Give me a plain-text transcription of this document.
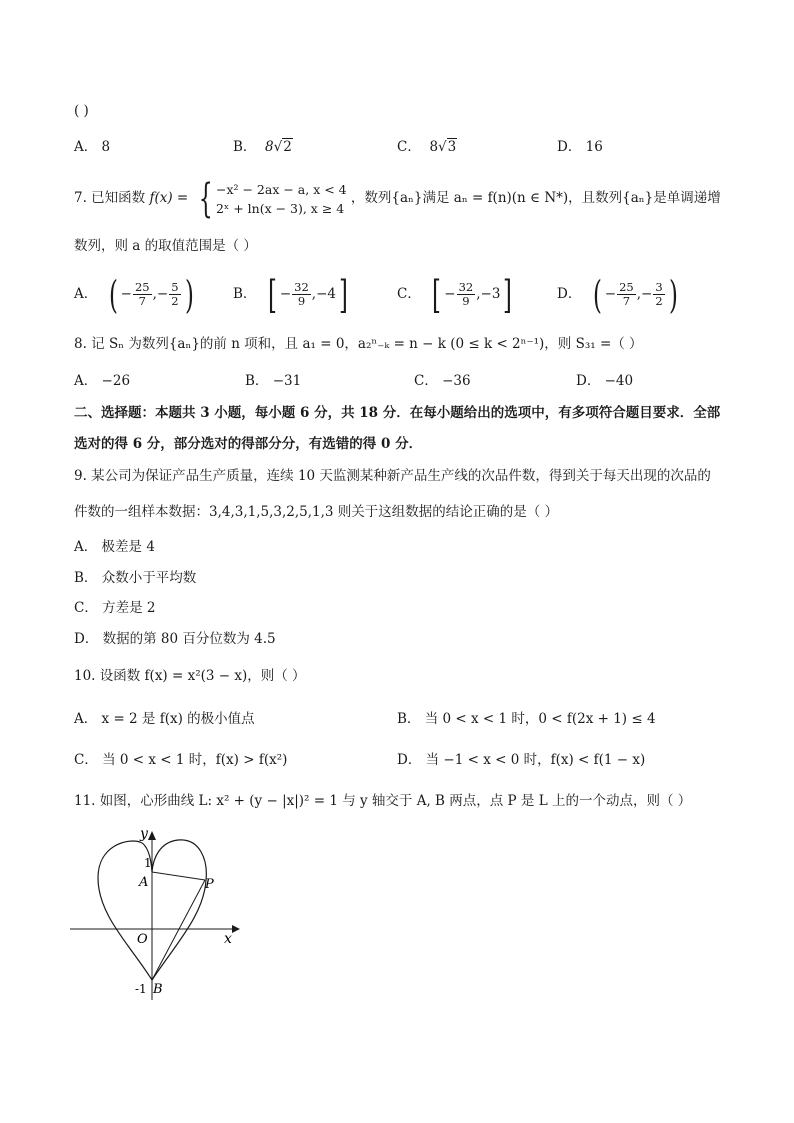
( )
A． 8	B． 8√2	C． 8√3	D． 16
7. 已知函数 f(x) = { −x² − 2ax − a, x < 4
2ˣ + ln(x − 3), x ≥ 4
，数列{aₙ}满足 aₙ = f(n)(n ∈ N*)，且数列{aₙ}是单调递增
数列，则 a 的取值范围是（ ）
A． ( − $\frac{25}{7}$ ,− $\frac{5}{2}$ )	B． [ − $\frac{32}{9} ,-4$]	C． [ − $\frac{32}{9} ,-3$]	D． ( − $\frac{25}{7}$ ,− $\frac{3}{2}$ )
8. 记 Sₙ 为数列{aₙ}的前 n 项和，且 a₁ = 0，a₂ⁿ₋ₖ = n − k (0 ≤ k < 2ⁿ⁻¹)，则 S₃₁ =（ ）
A． −26	B． −31	C． −36	D． −40
二、选择题：本题共 3 小题，每小题 6 分，共 18 分．在每小题给出的选项中，有多项符合题目要求．全部
选对的得 6 分，部分选对的得部分分，有选错的得 0 分．
9. 某公司为保证产品生产质量，连续 10 天监测某种新产品生产线的次品件数，得到关于每天出现的次品的
件数的一组样本数据：3,4,3,1,5,3,2,5,1,3 则关于这组数据的结论正确的是（ ）
A． 极差是 4
B． 众数小于平均数
C． 方差是 2
D． 数据的第 80 百分位数为 4.5
10. 设函数 f(x) = x²(3 − x)，则（ ）
A． x = 2 是 f(x) 的极小值点	B． 当 0 < x < 1 时，0 < f(2x + 1) ≤ 4
C． 当 0 < x < 1 时，f(x) > f(x²)	D． 当 −1 < x < 0 时，f(x) < f(1 − x)
11. 如图，心形曲线 L: x² + (y − |x|)² = 1 与 y 轴交于 A, B 两点，点 P 是 L 上的一个动点，则（ ）
y
x
1
A
O
-1 B
P
